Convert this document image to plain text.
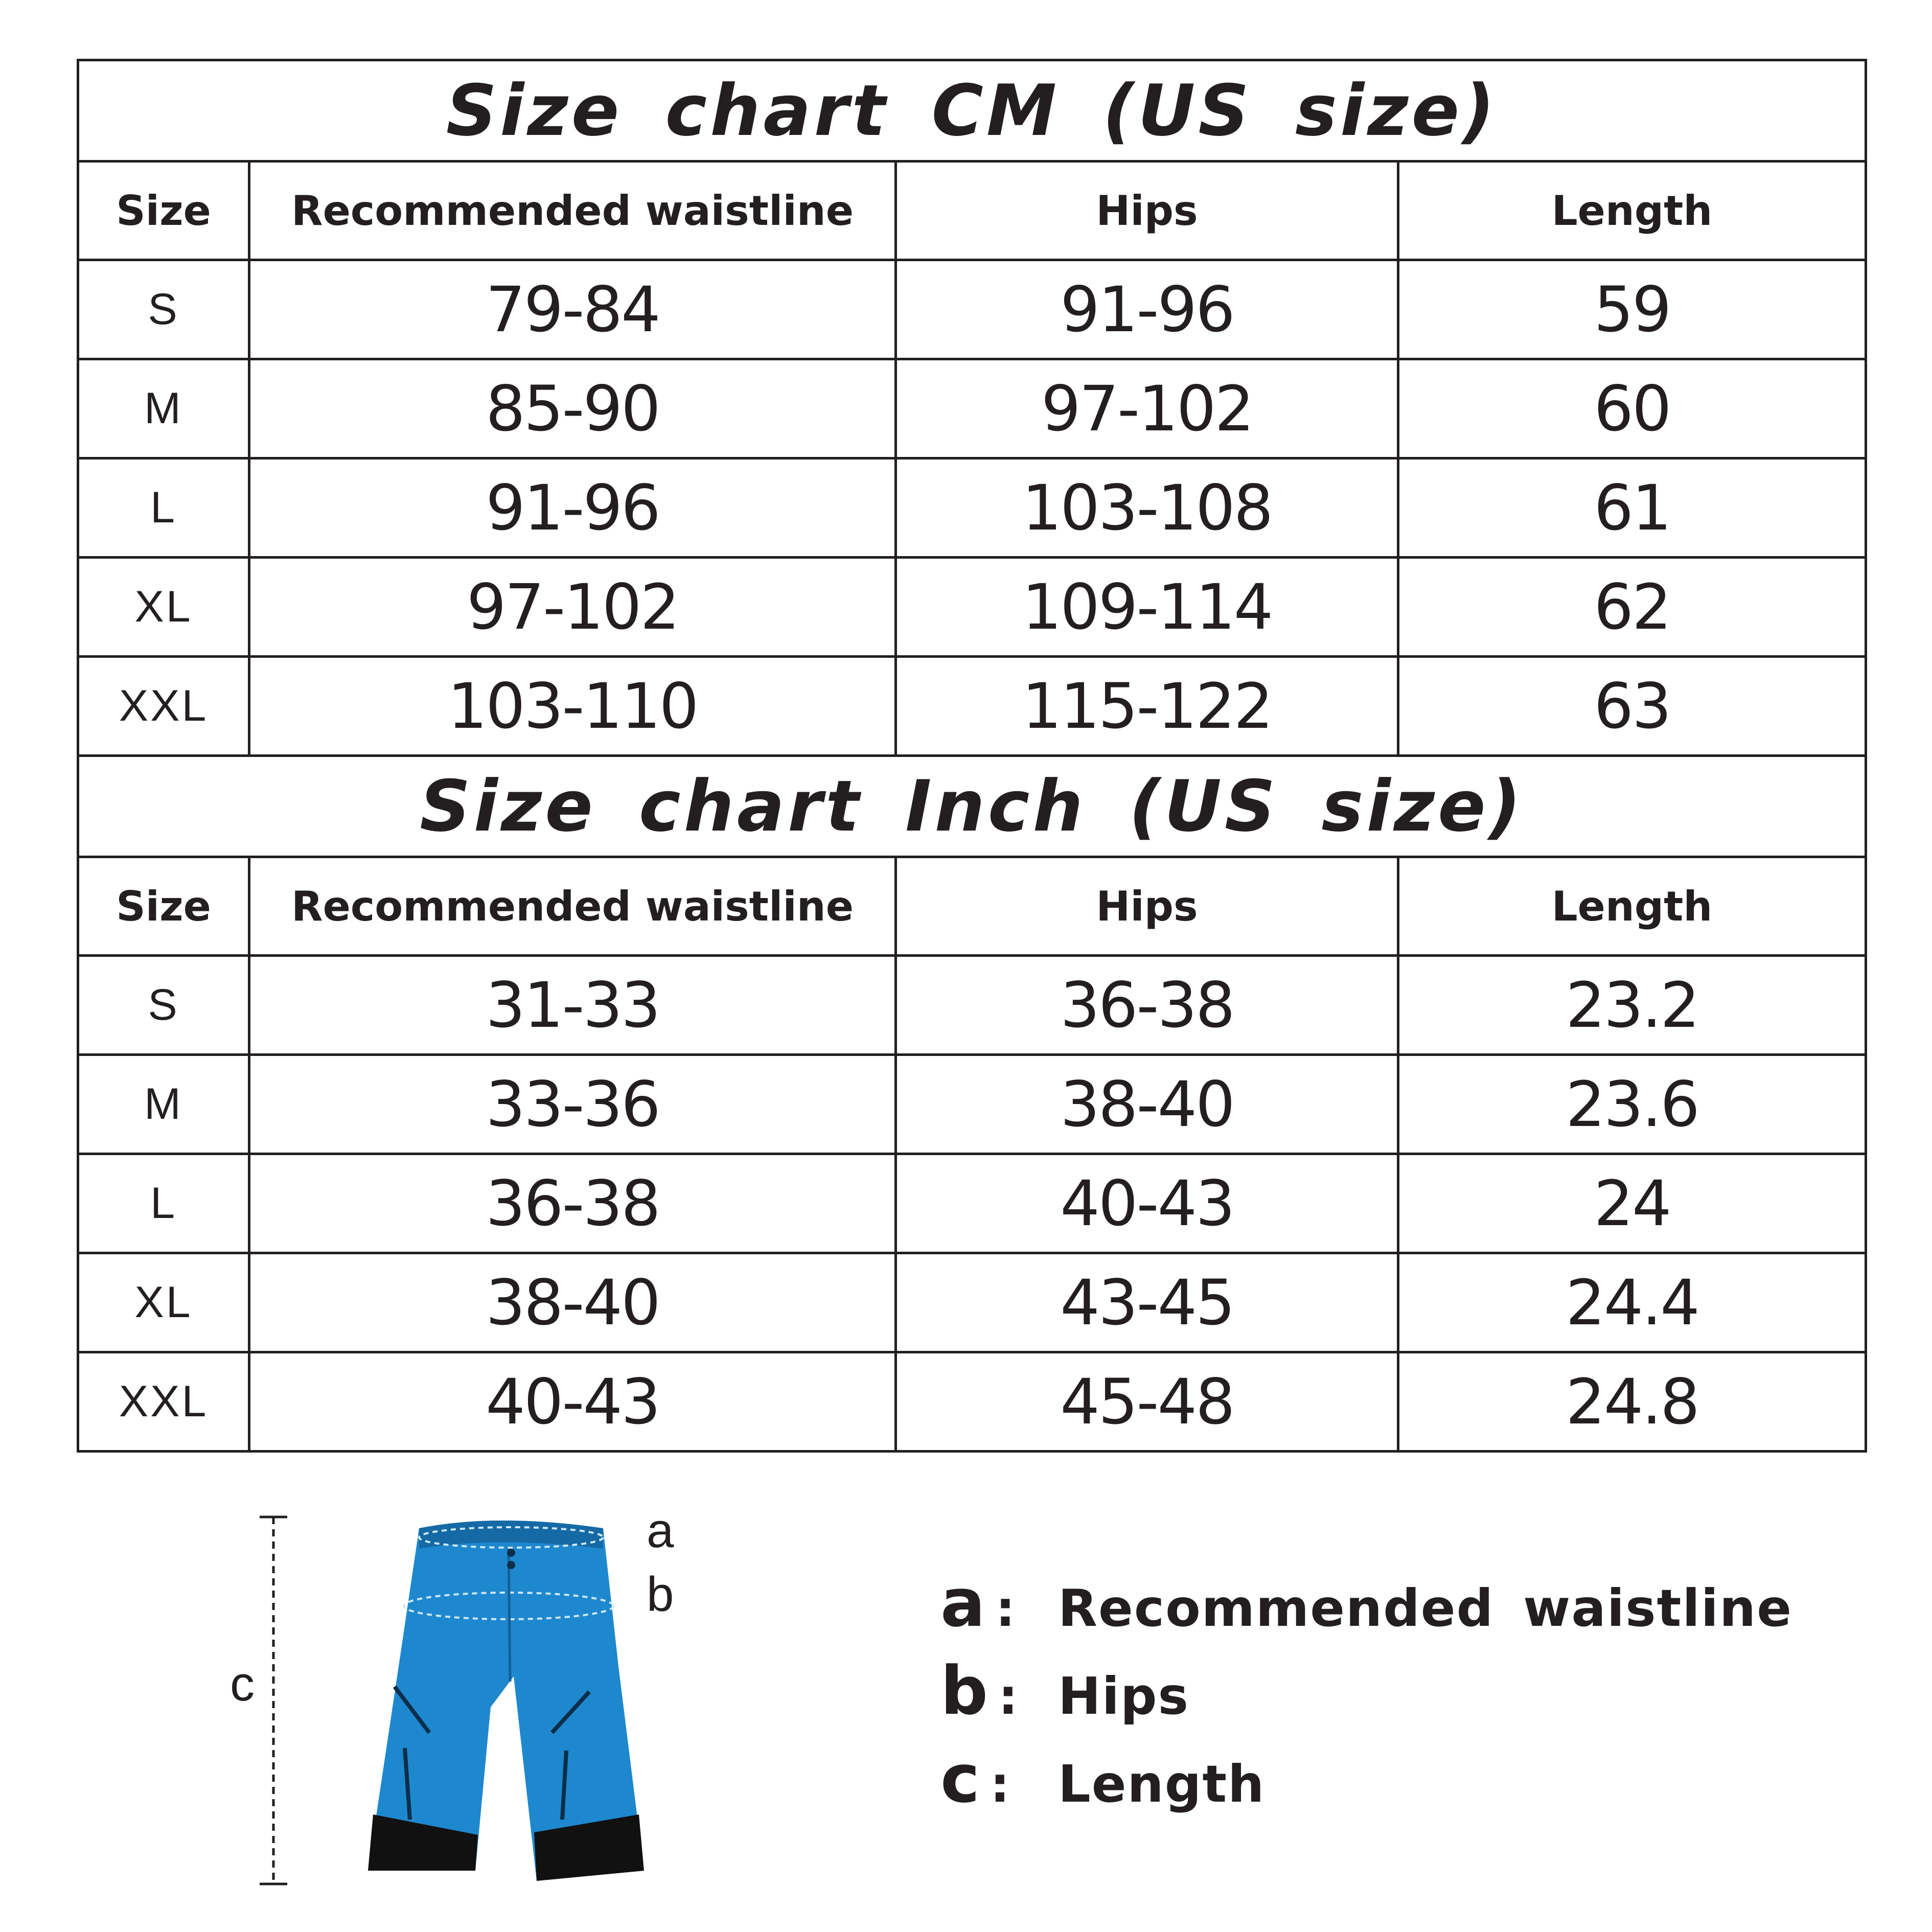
Size chart CM (US size)			
Size	Recommended waistline	Hips	Length
S	79-84	91-96	59
M	85-90	97-102	60
L	91-96	103-108	61
XL	97-102	109-114	62
XXL	103-110	115-122	63
Size chart Inch (US size)			
Size	Recommended waistline	Hips	Length
S	31-33	36-38	23.2
M	33-36	38-40	23.6
L	36-38	40-43	24
XL	38-40	43-45	24.4
XXL	40-43	45-48	24.8
a
b
c
a : Recommended waistline
b : Hips
c : Length
